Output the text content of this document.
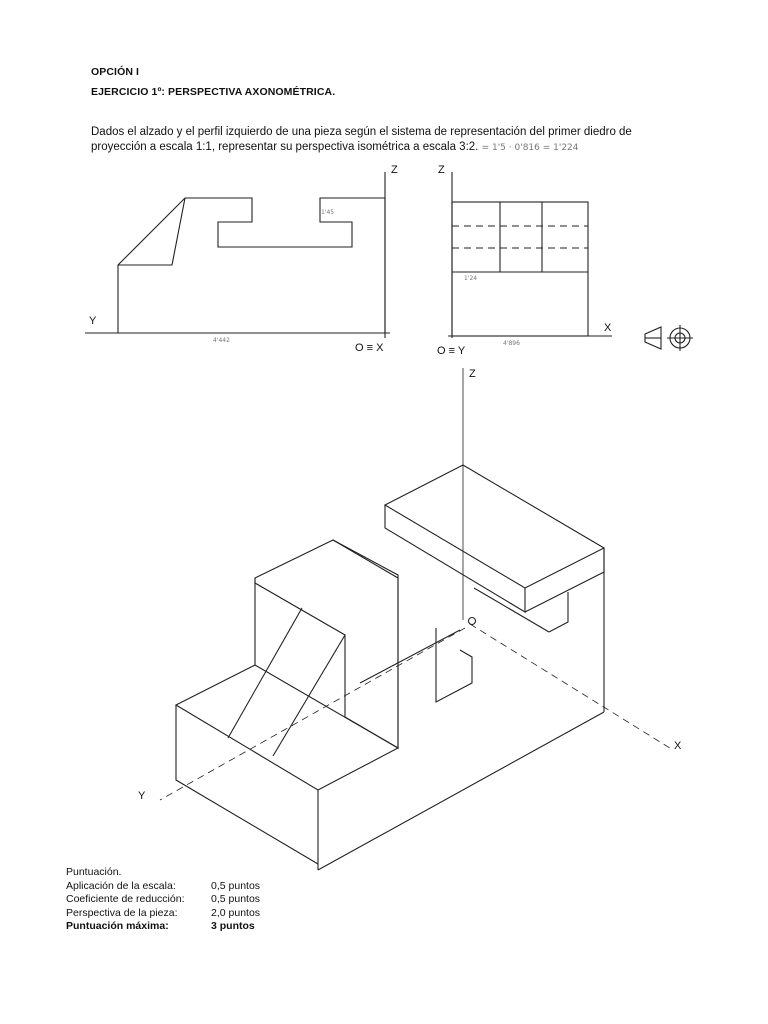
OPCIÓN I
EJERCICIO 1º: PERSPECTIVA AXONOMÉTRICA.
Dados el alzado y el perfil izquierdo de una pieza según el sistema de representación del primer diedro de
proyección a escala 1:1, representar su perspectiva isométrica a escala 3:2. = 1'5 · 0'816 = 1'224
1'45
4'442
1'24
4'896
Z
Y
O ≡ X
Z
X
O ≡ Y
Z
X
Y
Puntuación.
Aplicación de la escala:	0,5 puntos
Coeficiente de reducción:	0,5 puntos
Perspectiva de la pieza:	2,0 puntos
Puntuación máxima:	3 puntos
